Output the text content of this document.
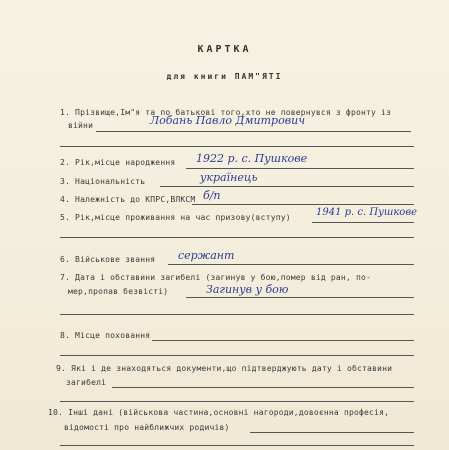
КАРТКА
для книги ПАМ"ЯТІ
1. Прізвище,Ім"я та по батькові того,хто не повернувся з фронту із
війни	Лобань Павло Дмитрович
2. Рік,місце народження 1922 р. с. Пушкове
3. Національність	українець
4. Належність до КПРС,ВЛКСМ б/п
5. Рік,місце проживання на час призову(вступу)	1941 р. с. Пушкове
6. Військове звання сержант
7. Дата і обставини загибелі (загинув у бою,помер від ран, по-
мер,пропав безвісті)	Загинув у бою
8. Місце поховання
9. Які і де знаходяться документи,що підтверджують дату і обставини
загибелі
10. Інші дані (військова частина,основні нагороди,довоєнна професія,
відомості про найближчих родичів)
